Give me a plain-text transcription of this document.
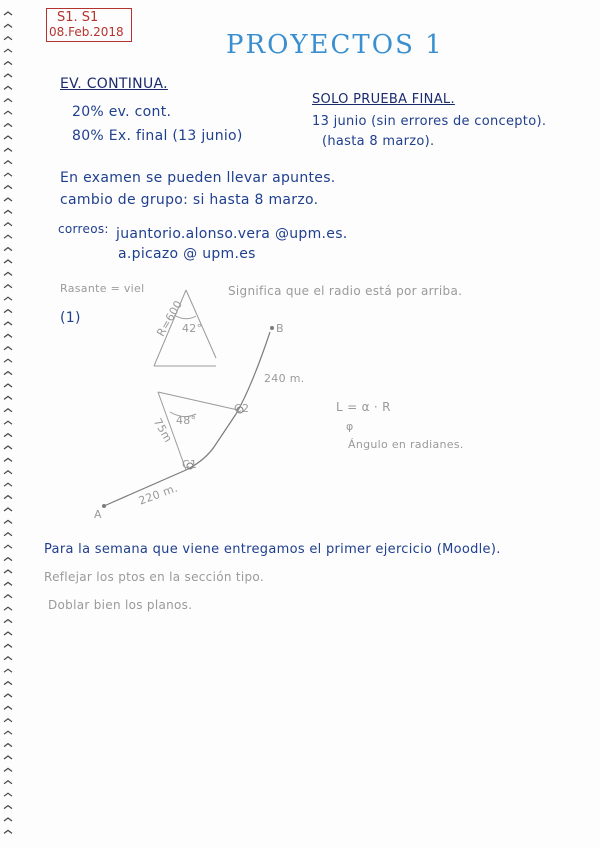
S1. S1
08.Feb.2018	PROYECTOS 1
EV. CONTINUA.
20% ev. cont.
80% Ex. final (13 junio)
SOLO PRUEBA FINAL.
13 junio (sin errores de concepto).
(hasta 8 marzo).
En examen se pueden llevar apuntes.
cambio de grupo: si hasta 8 marzo.
correos: juantorio.alonso.vera @upm.es.
a.picazo @ upm.es
Rasante = viel	Significa que el radio está por arriba.
(1)
B
A
240 m.
220 m.
R=600
42°
48°
75m
C2
C1
L = α · R
φ
Ángulo en radianes.
Para la semana que viene entregamos el primer ejercicio (Moodle).
Reflejar los ptos en la sección tipo.
Doblar bien los planos.
